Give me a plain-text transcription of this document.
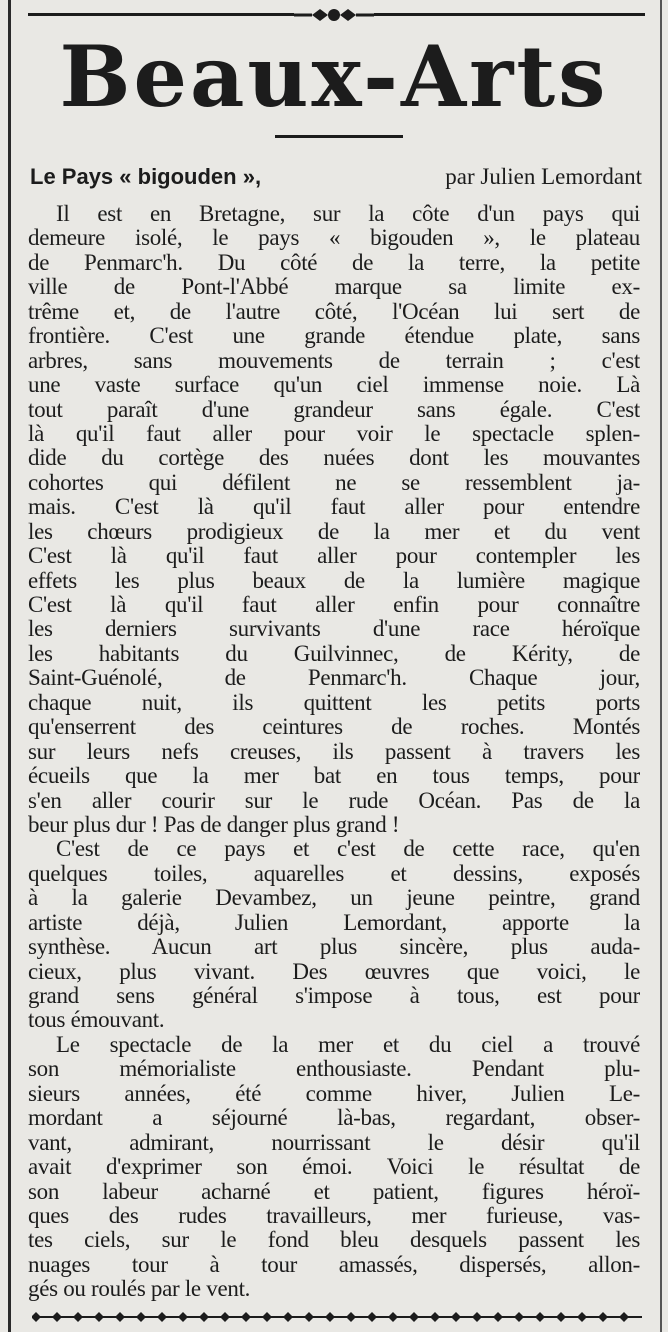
Beaux-Arts
Le Pays « bigouden »,	par Julien Lemordant
Il est en Bretagne, sur la côte d'un pays qui
demeure isolé, le pays « bigouden », le plateau
de Penmarc'h. Du côté de la terre, la petite
ville de Pont-l'Abbé marque sa limite ex-
trême et, de l'autre côté, l'Océan lui sert de
frontière. C'est une grande étendue plate, sans
arbres, sans mouvements de terrain ; c'est
une vaste surface qu'un ciel immense noie. Là
tout paraît d'une grandeur sans égale. C'est
là qu'il faut aller pour voir le spectacle splen-
dide du cortège des nuées dont les mouvantes
cohortes qui défilent ne se ressemblent ja-
mais. C'est là qu'il faut aller pour entendre
les chœurs prodigieux de la mer et du vent
C'est là qu'il faut aller pour contempler les
effets les plus beaux de la lumière magique
C'est là qu'il faut aller enfin pour connaître
les derniers survivants d'une race héroïque
les habitants du Guilvinnec, de Kérity, de
Saint-Guénolé, de Penmarc'h. Chaque jour,
chaque nuit, ils quittent les petits ports
qu'enserrent des ceintures de roches. Montés
sur leurs nefs creuses, ils passent à travers les
écueils que la mer bat en tous temps, pour
s'en aller courir sur le rude Océan. Pas de la
beur plus dur ! Pas de danger plus grand !
C'est de ce pays et c'est de cette race, qu'en
quelques toiles, aquarelles et dessins, exposés
à la galerie Devambez, un jeune peintre, grand
artiste déjà, Julien Lemordant, apporte la
synthèse. Aucun art plus sincère, plus auda-
cieux, plus vivant. Des œuvres que voici, le
grand sens général s'impose à tous, est pour
tous émouvant.
Le spectacle de la mer et du ciel a trouvé
son mémorialiste enthousiaste. Pendant plu-
sieurs années, été comme hiver, Julien Le-
mordant a séjourné là-bas, regardant, obser-
vant, admirant, nourrissant le désir qu'il
avait d'exprimer son émoi. Voici le résultat de
son labeur acharné et patient, figures héroï-
ques des rudes travailleurs, mer furieuse, vas-
tes ciels, sur le fond bleu desquels passent les
nuages tour à tour amassés, dispersés, allon-
gés ou roulés par le vent.
